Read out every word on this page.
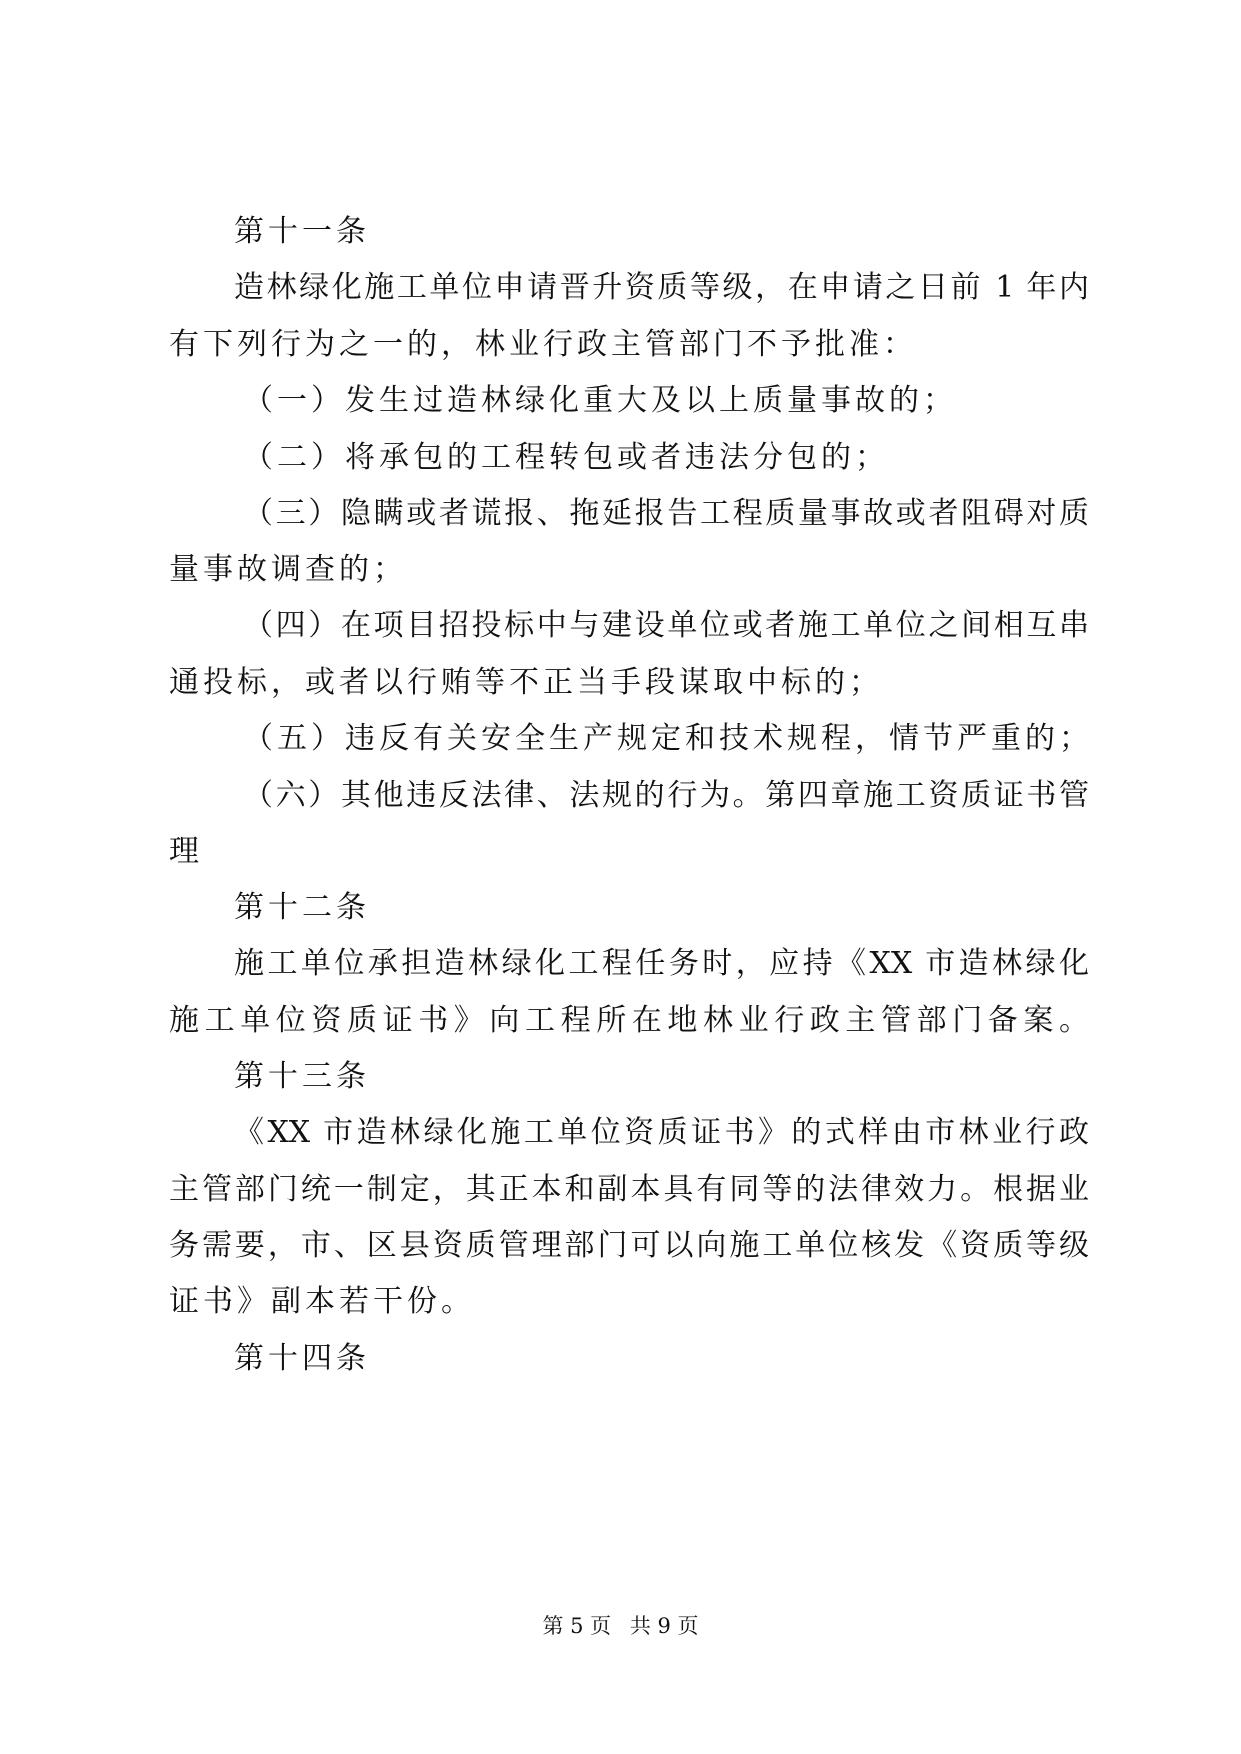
第十一条
造林绿化施工单位申请晋升资质等级，在申请之日前 1 年内
有下列行为之一的，林业行政主管部门不予批准：
（一）发生过造林绿化重大及以上质量事故的；
（二）将承包的工程转包或者违法分包的；
（三）隐瞒或者谎报、拖延报告工程质量事故或者阻碍对质
量事故调查的；
（四）在项目招投标中与建设单位或者施工单位之间相互串
通投标，或者以行贿等不正当手段谋取中标的；
（五）违反有关安全生产规定和技术规程，情节严重的；
（六）其他违反法律、法规的行为。第四章施工资质证书管
理
第十二条
施工单位承担造林绿化工程任务时，应持《XX 市造林绿化
施工单位资质证书》向工程所在地林业行政主管部门备案。
第十三条
《XX 市造林绿化施工单位资质证书》的式样由市林业行政
主管部门统一制定，其正本和副本具有同等的法律效力。根据业
务需要，市、区县资质管理部门可以向施工单位核发《资质等级
证书》副本若干份。
第十四条
第 5 页 共 9 页
